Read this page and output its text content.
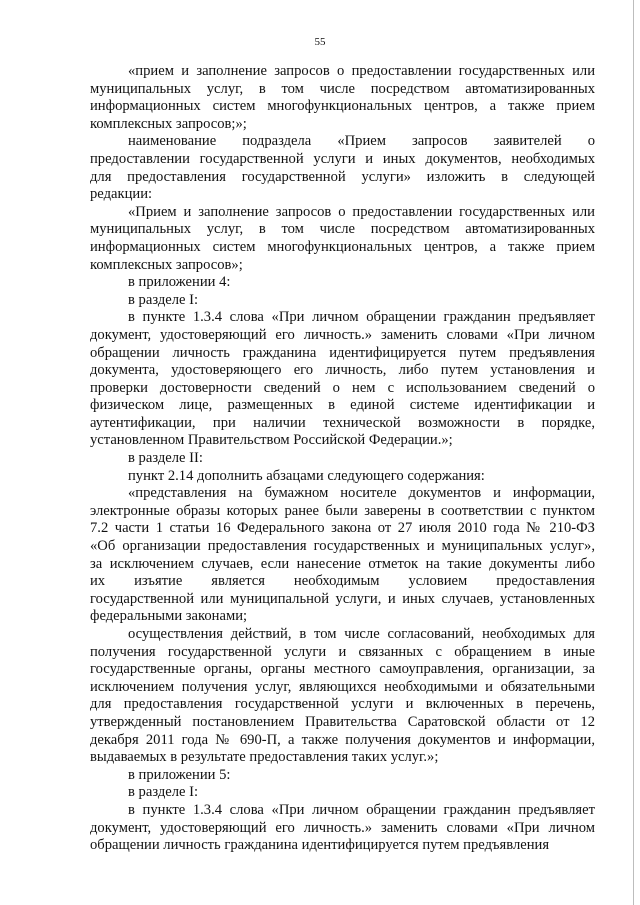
55

«прием и заполнение запросов о предоставлении государственных или

муниципальных услуг, в том числе посредством автоматизированных

информационных систем многофункциональных центров, а также прием

комплексных запросов;»;

наименование подраздела «Прием запросов заявителей о

предоставлении государственной услуги и иных документов, необходимых

для предоставления государственной услуги» изложить в следующей

редакции:

«Прием и заполнение запросов о предоставлении государственных или

муниципальных услуг, в том числе посредством автоматизированных

информационных систем многофункциональных центров, а также прием

комплексных запросов»;

в приложении 4:

в разделе I:

в пункте 1.3.4 слова «При личном обращении гражданин предъявляет

документ, удостоверяющий его личность.» заменить словами «При личном

обращении личность гражданина идентифицируется путем предъявления

документа, удостоверяющего его личность, либо путем установления и

проверки достоверности сведений о нем с использованием сведений о

физическом лице, размещенных в единой системе идентификации и

аутентификации, при наличии технической возможности в порядке,

установленном Правительством Российской Федерации.»;

в разделе II:

пункт 2.14 дополнить абзацами следующего содержания:

«представления на бумажном носителе документов и информации,

электронные образы которых ранее были заверены в соответствии с пунктом

7.2 части 1 статьи 16 Федерального закона от 27 июля 2010 года № 210-ФЗ

«Об организации предоставления государственных и муниципальных услуг»,

за исключением случаев, если нанесение отметок на такие документы либо

их изъятие является необходимым условием предоставления

государственной или муниципальной услуги, и иных случаев, установленных

федеральными законами;

осуществления действий, в том числе согласований, необходимых для

получения государственной услуги и связанных с обращением в иные

государственные органы, органы местного самоуправления, организации, за

исключением получения услуг, являющихся необходимыми и обязательными

для предоставления государственной услуги и включенных в перечень,

утвержденный постановлением Правительства Саратовской области от 12

декабря 2011 года № 690-П, а также получения документов и информации,

выдаваемых в результате предоставления таких услуг.»;

в приложении 5:

в разделе I:

в пункте 1.3.4 слова «При личном обращении гражданин предъявляет

документ, удостоверяющий его личность.» заменить словами «При личном

обращении личность гражданина идентифицируется путем предъявления
